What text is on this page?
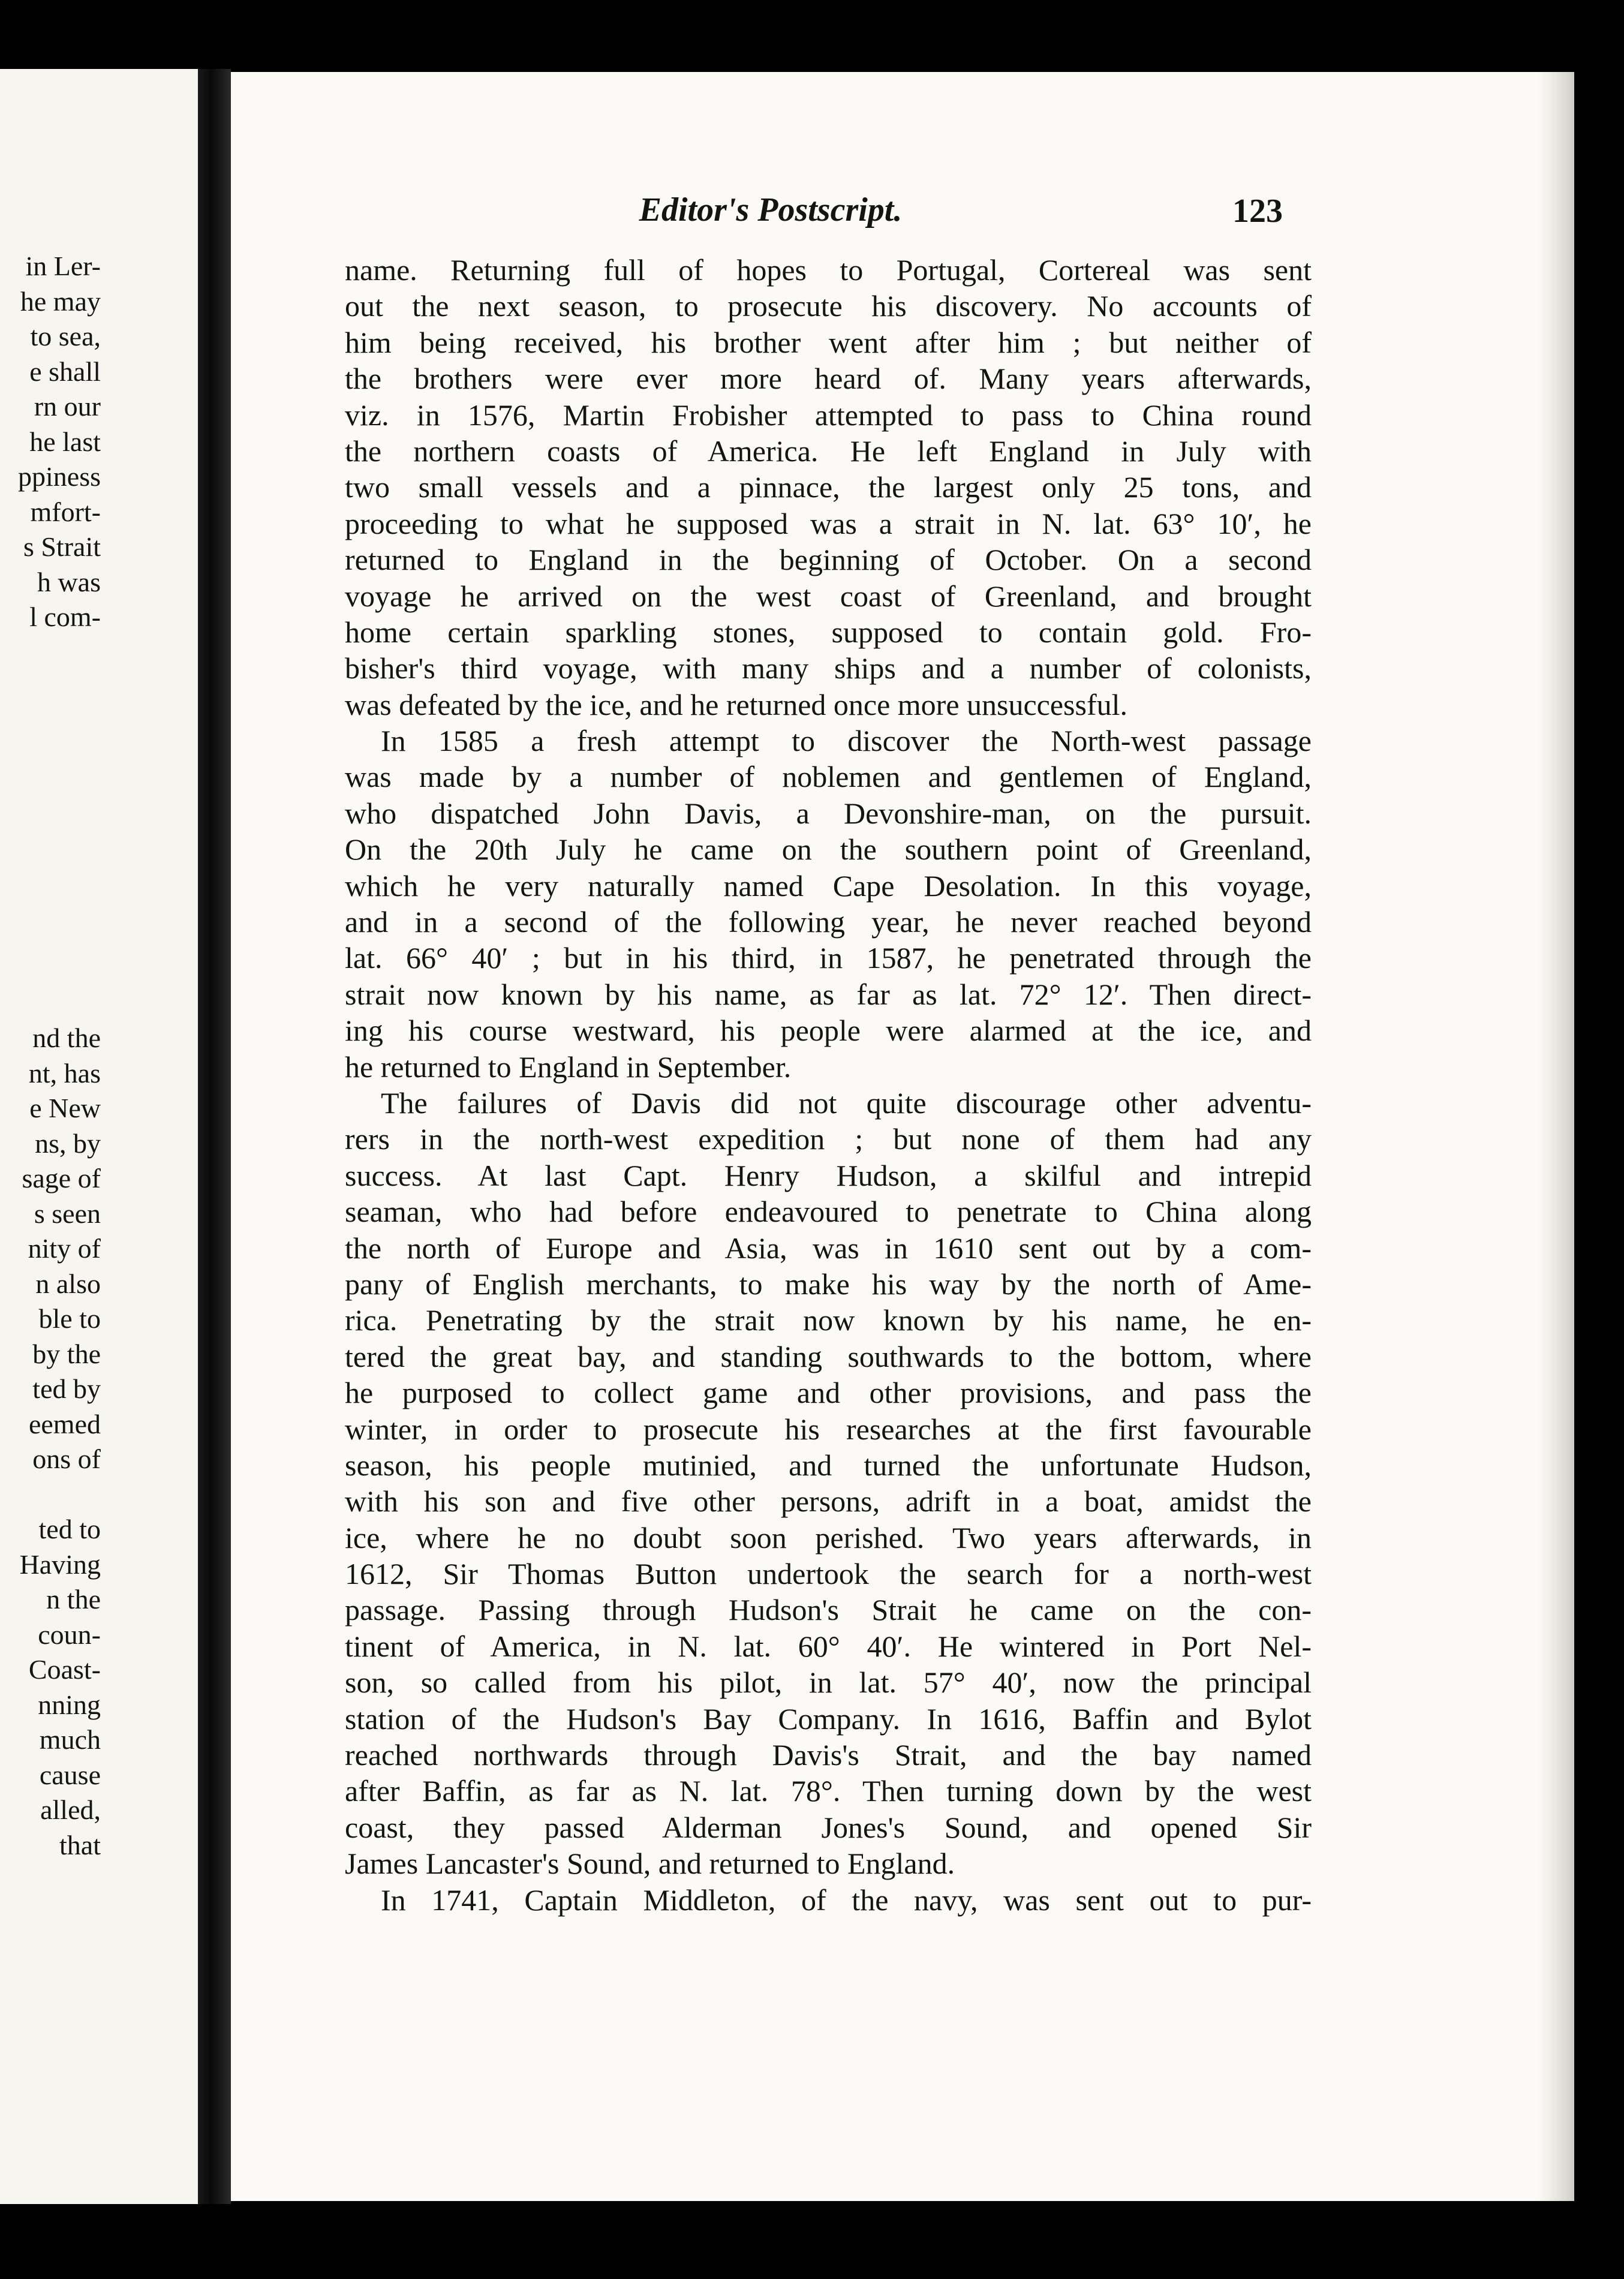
in Ler-
he may
to sea,
e shall
rn our
he last
ppiness
mfort-
s Strait
h was
l com-
nd the
nt, has
e New
ns, by
sage of
s seen
nity of
n also
ble to
by the
ted by
eemed
ons of
ted to
Having
n the
coun-
Coast-
nning
much
cause
alled,
that
Editor's Postscript.	123
name. Returning full of hopes to Portugal, Cortereal was sent
out the next season, to prosecute his discovery. No accounts of
him being received, his brother went after him ; but neither of
the brothers were ever more heard of. Many years afterwards,
viz. in 1576, Martin Frobisher attempted to pass to China round
the northern coasts of America. He left England in July with
two small vessels and a pinnace, the largest only 25 tons, and
proceeding to what he supposed was a strait in N. lat. 63° 10′, he
returned to England in the beginning of October. On a second
voyage he arrived on the west coast of Greenland, and brought
home certain sparkling stones, supposed to contain gold. Fro-
bisher's third voyage, with many ships and a number of colonists,
was defeated by the ice, and he returned once more unsuccessful.
In 1585 a fresh attempt to discover the North-west passage
was made by a number of noblemen and gentlemen of England,
who dispatched John Davis, a Devonshire-man, on the pursuit.
On the 20th July he came on the southern point of Greenland,
which he very naturally named Cape Desolation. In this voyage,
and in a second of the following year, he never reached beyond
lat. 66° 40′ ; but in his third, in 1587, he penetrated through the
strait now known by his name, as far as lat. 72° 12′. Then direct-
ing his course westward, his people were alarmed at the ice, and
he returned to England in September.
The failures of Davis did not quite discourage other adventu-
rers in the north-west expedition ; but none of them had any
success. At last Capt. Henry Hudson, a skilful and intrepid
seaman, who had before endeavoured to penetrate to China along
the north of Europe and Asia, was in 1610 sent out by a com-
pany of English merchants, to make his way by the north of Ame-
rica. Penetrating by the strait now known by his name, he en-
tered the great bay, and standing southwards to the bottom, where
he purposed to collect game and other provisions, and pass the
winter, in order to prosecute his researches at the first favourable
season, his people mutinied, and turned the unfortunate Hudson,
with his son and five other persons, adrift in a boat, amidst the
ice, where he no doubt soon perished. Two years afterwards, in
1612, Sir Thomas Button undertook the search for a north-west
passage. Passing through Hudson's Strait he came on the con-
tinent of America, in N. lat. 60° 40′. He wintered in Port Nel-
son, so called from his pilot, in lat. 57° 40′, now the principal
station of the Hudson's Bay Company. In 1616, Baffin and Bylot
reached northwards through Davis's Strait, and the bay named
after Baffin, as far as N. lat. 78°. Then turning down by the west
coast, they passed Alderman Jones's Sound, and opened Sir
James Lancaster's Sound, and returned to England.
In 1741, Captain Middleton, of the navy, was sent out to pur-
